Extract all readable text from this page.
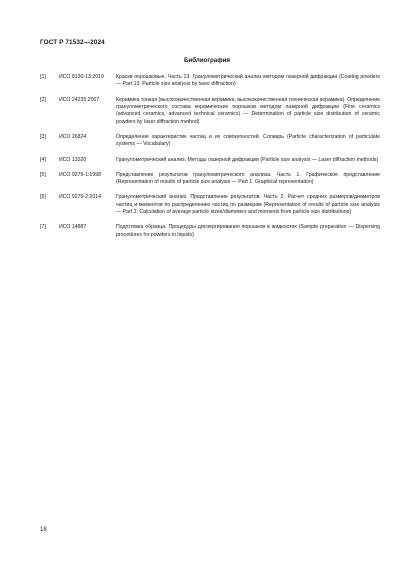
ГОСТ Р 71532—2024
Библиография
[1]	ИСО 8130-13:2019	Краски порошковые. Часть 13. Гранулометрический анализ методом лазерной дифракции (Coating powders — Part 13. Particle size analysis by laser diffraction)
[2]	ИСО 24235:2007	Керамика тонкая (высококачественная керамика, высококачественная техническая керамика). Определение гранулометрического состава керамических порошков методом лазерной дифракции (Fine ceramics (advanced ceramics, advanced technical ceramics) — Determination of particle size distribution of ceramic powders by laser diffraction method)
[3]	ИСО 26824	Определение характеристик частиц и их совокупностей. Словарь (Particle characterization of particulate systems — Vocabulary)
[4]	ИСО 13320	Гранулометрический анализ. Методы лазерной дифракции (Particle size analysis — Laser diffraction methods)
[5]	ИСО 9276-1:1998	Представление результатов гранулометрического анализа. Часть 1. Графическое представление (Representation of results of particle size analysis — Part 1: Graphical representation)
[6]	ИСО 9276-2:2014	Гранулометрический анализ. Представление результатов. Часть 2. Расчет средних размеров/диаметров частиц и моментов по распределению частиц по размерам (Representation of results of particle size analysis — Part 2: Calculation of average particle sizes/diameters and moments from particle size distributions)
[7]	ИСО 14887	Подготовка образца. Процедуры диспергирования порошков в жидкостях (Sample preparation — Dispersing procedures for powders in liquids)
18
